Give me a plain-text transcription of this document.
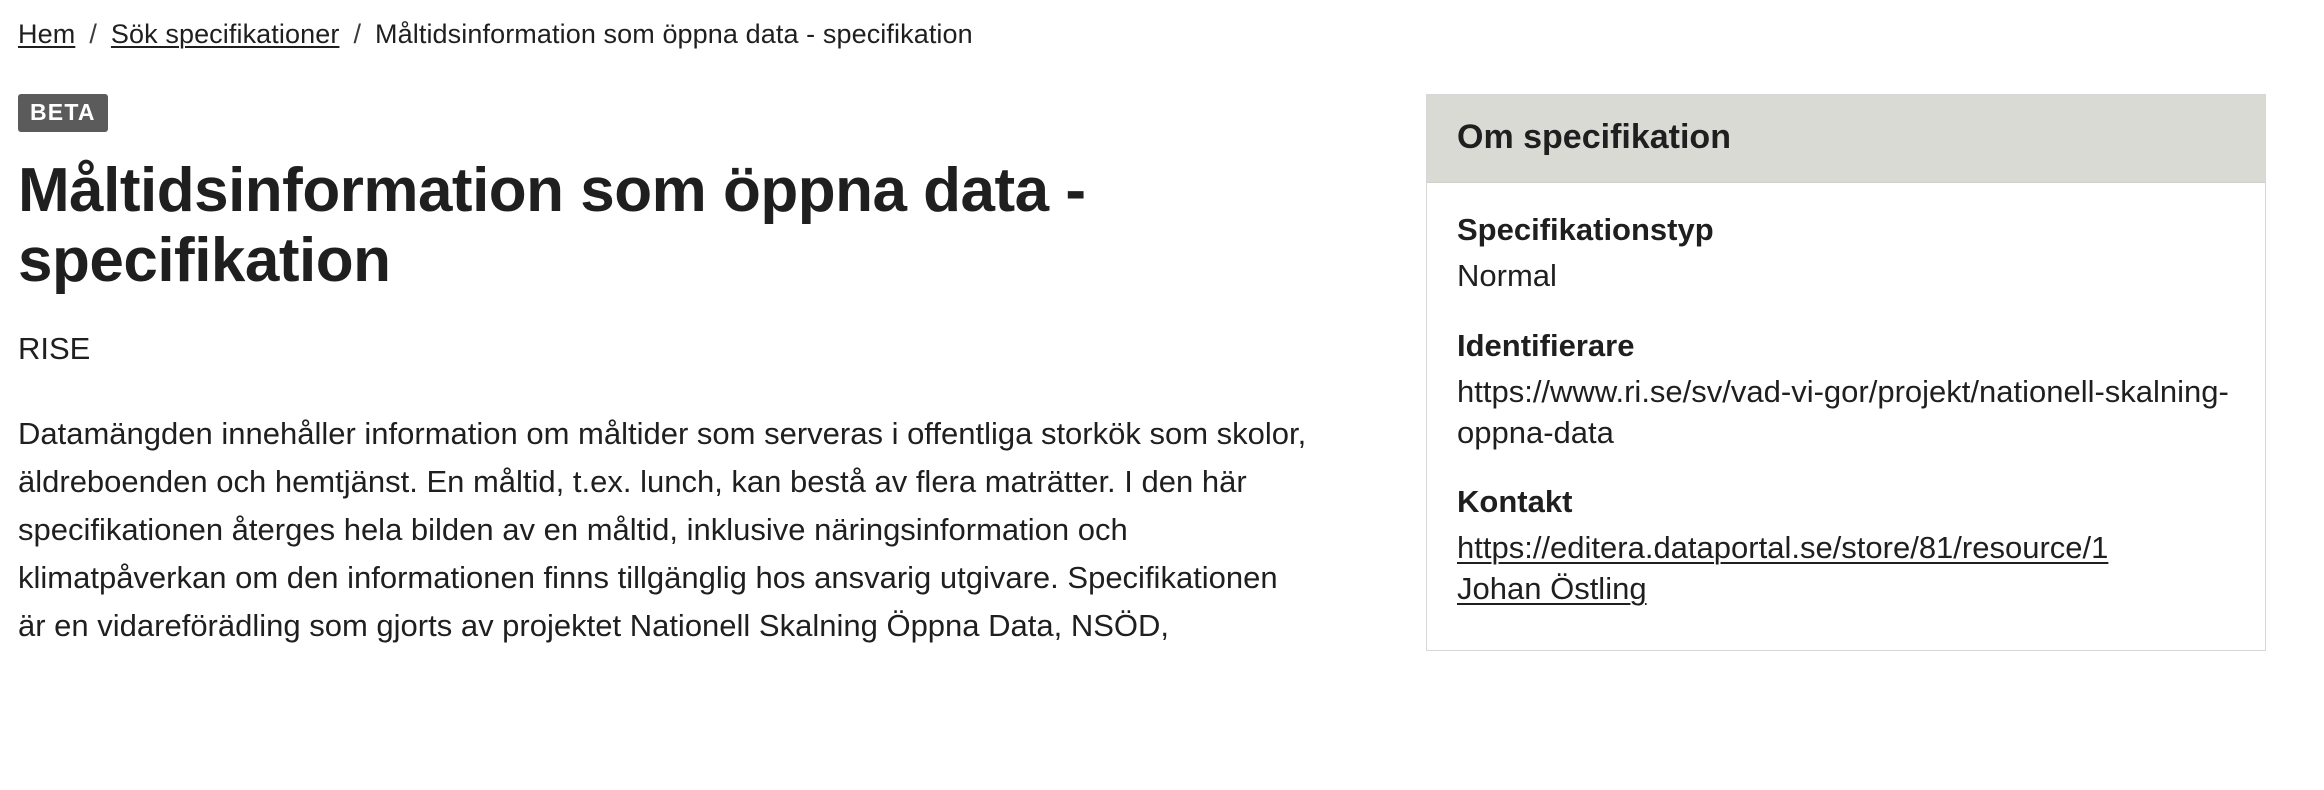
Hem / Sök specifikationer / Måltidsinformation som öppna data - specifikation
BETA
Måltidsinformation som öppna data - specifikation
RISE

Datamängden innehåller information om måltider som serveras i offentliga storkök som skolor, äldreboenden och hemtjänst. En måltid, t.ex. lunch, kan bestå av flera maträtter. I den här specifikationen återges hela bilden av en måltid, inklusive näringsinformation och klimatpåverkan om den informationen finns tillgänglig hos ansvarig utgivare. Specifikationen är en vidareförädling som gjorts av projektet Nationell Skalning Öppna Data, NSÖD,

Om specifikation
Specifikationstyp
Normal
Identifierare
https://www.ri.se/sv/vad-vi-gor/projekt/nationell-skalning-oppna-data
Kontakt
https://editera.dataportal.se/store/81/resource/1
Johan Östling
